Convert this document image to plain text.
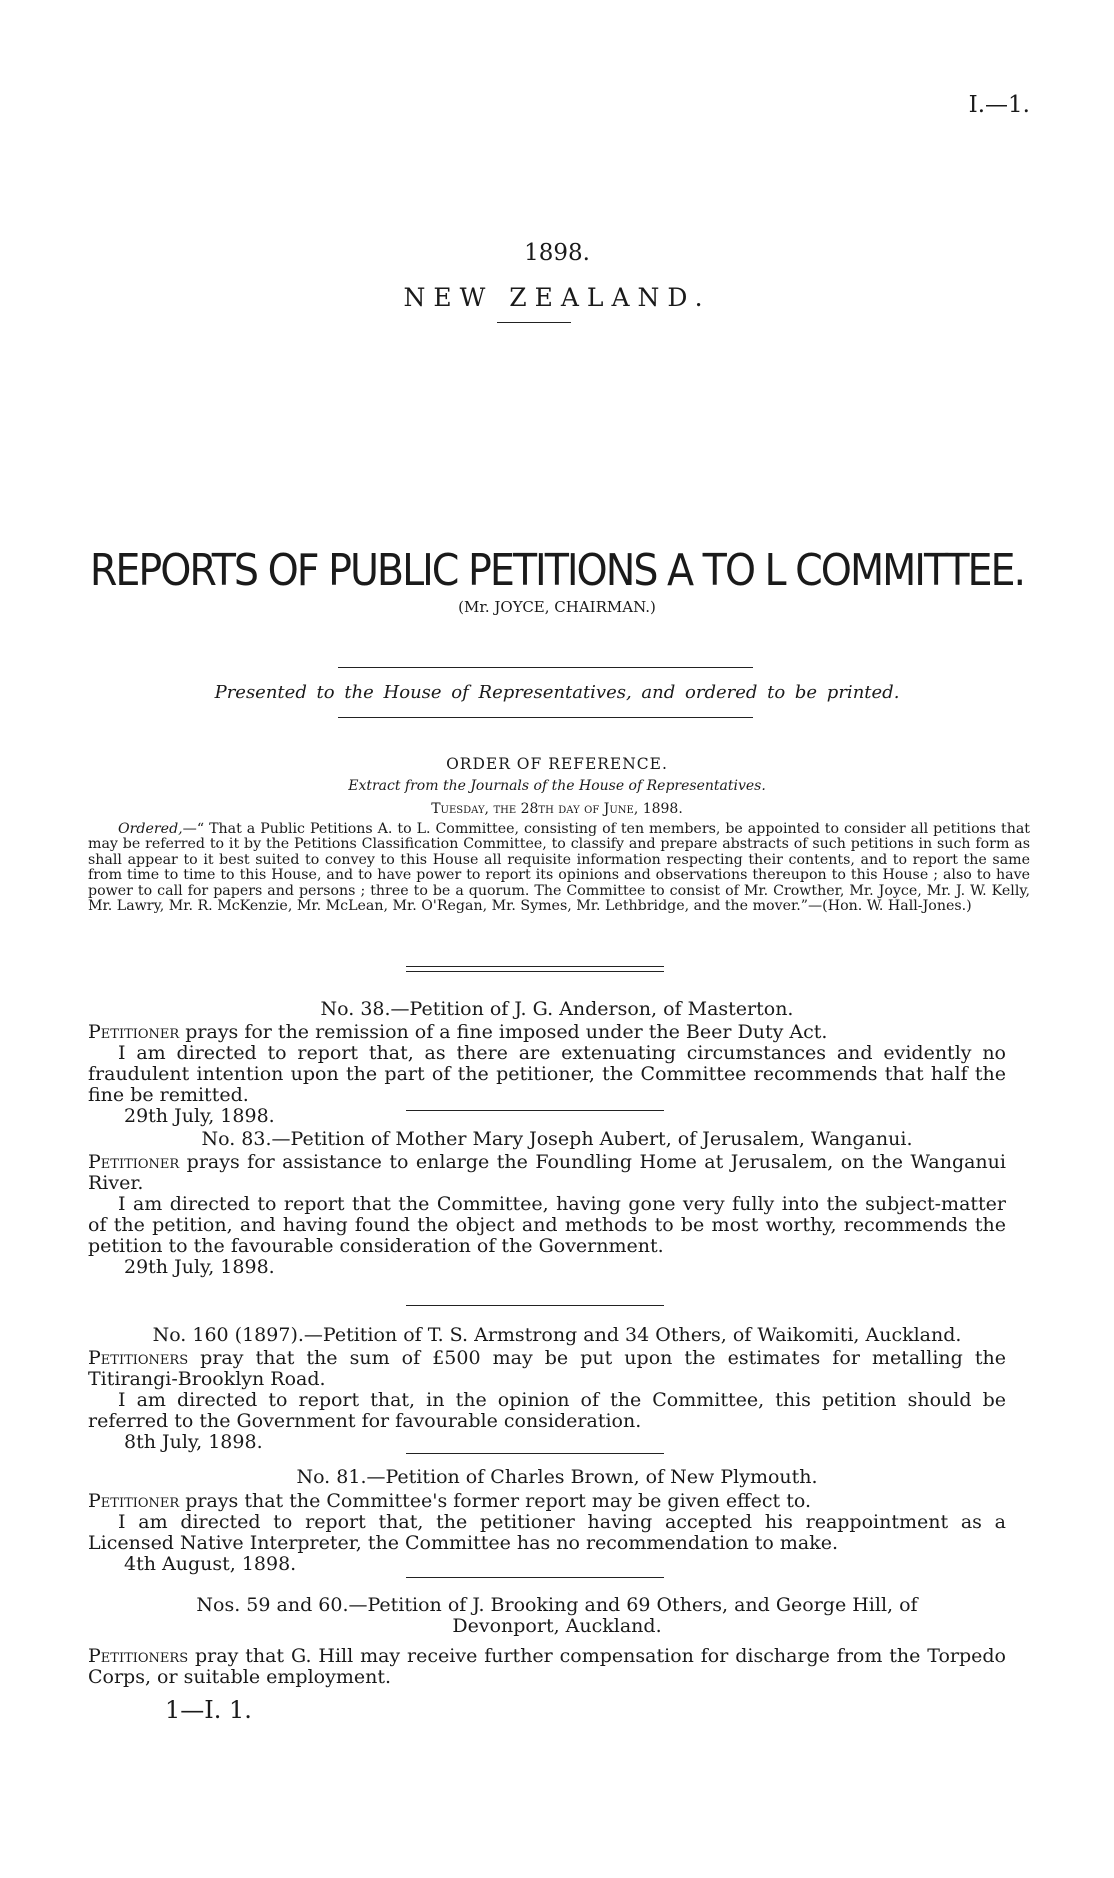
I.—1.
1898.
NEW ZEALAND.
REPORTS OF PUBLIC PETITIONS A TO L COMMITTEE.
(Mr. JOYCE, CHAIRMAN.)
Presented to the House of Representatives, and ordered to be printed.
ORDER OF REFERENCE.
Extract from the Journals of the House of Representatives.
Tuesday, the 28th day of June, 1898.

Ordered,—“ That a Public Petitions A. to L. Committee, consisting of ten members, be appointed to consider all petitions that may be referred to it by the Petitions Classification Committee, to classify and prepare abstracts of such petitions in such form as shall appear to it best suited to convey to this House all requisite information respecting their contents, and to report the same from time to time to this House, and to have power to report its opinions and observations thereupon to this House ; also to have power to call for papers and persons ; three to be a quorum. The Committee to consist of Mr. Crowther, Mr. Joyce, Mr. J. W. Kelly, Mr. Lawry, Mr. R. McKenzie, Mr. McLean, Mr. O'Regan, Mr. Symes, Mr. Lethbridge, and the mover.”—(Hon. W. Hall-Jones.)

No. 38.—Petition of J. G. Anderson, of Masterton.

Petitioner prays for the remission of a fine imposed under the Beer Duty Act.

I am directed to report that, as there are extenuating circumstances and evidently no fraudulent intention upon the part of the petitioner, the Committee recommends that half the fine be remitted.

29th July, 1898.

No. 83.—Petition of Mother Mary Joseph Aubert, of Jerusalem, Wanganui.

Petitioner prays for assistance to enlarge the Foundling Home at Jerusalem, on the Wanganui River.

I am directed to report that the Committee, having gone very fully into the subject-matter of the petition, and having found the object and methods to be most worthy, recommends the petition to the favourable consideration of the Government.

29th July, 1898.

No. 160 (1897).—Petition of T. S. Armstrong and 34 Others, of Waikomiti, Auckland.

Petitioners pray that the sum of £500 may be put upon the estimates for metalling the Titirangi-Brooklyn Road.

I am directed to report that, in the opinion of the Committee, this petition should be referred to the Government for favourable consideration.

8th July, 1898.

No. 81.—Petition of Charles Brown, of New Plymouth.

Petitioner prays that the Committee's former report may be given effect to.

I am directed to report that, the petitioner having accepted his reappointment as a Licensed Native Interpreter, the Committee has no recommendation to make.

4th August, 1898.

Nos. 59 and 60.—Petition of J. Brooking and 69 Others, and George Hill, of Devonport, Auckland.

Petitioners pray that G. Hill may receive further compensation for discharge from the Torpedo Corps, or suitable employment.

1—I. 1.
